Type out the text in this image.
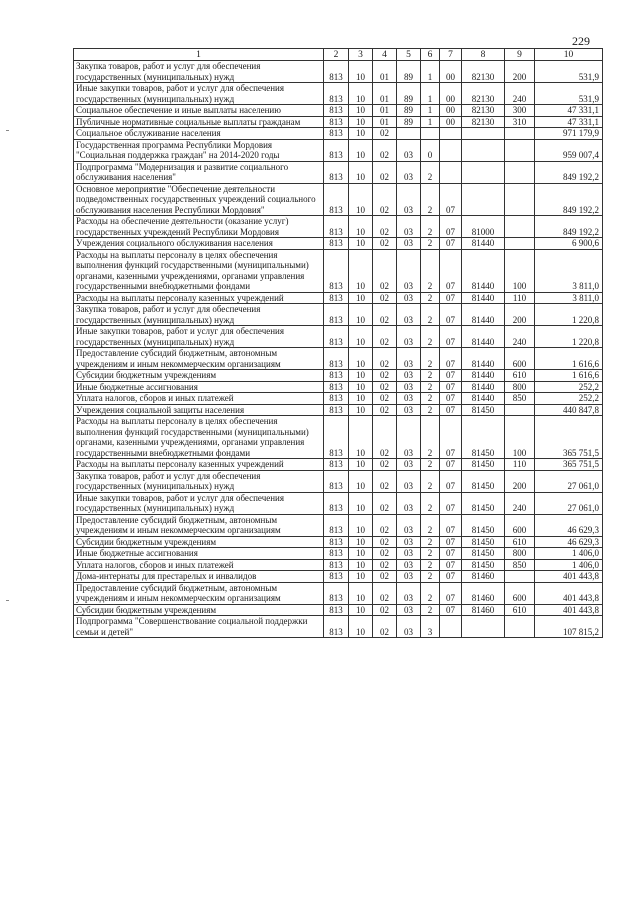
229
1	2	3	4	5	6	7	8	9	10
Закупка товаров, работ и услуг для обеспечения государственных (муниципальных) нужд	813	10	01	89	1	00	82130	200	531,9
Иные закупки товаров, работ и услуг для обеспечения государственных (муниципальных) нужд	813	10	01	89	1	00	82130	240	531,9
Социальное обеспечение и иные выплаты населению	813	10	01	89	1	00	82130	300	47 331,1
Публичные нормативные социальные выплаты гражданам	813	10	01	89	1	00	82130	310	47 331,1
Социальное обслуживание населения	813	10	02						971 179,9
Государственная программа Республики Мордовия "Социальная поддержка граждан" на 2014-2020 годы	813	10	02	03	0				959 007,4
Подпрограмма "Модернизация и развитие социального обслуживания населения"	813	10	02	03	2				849 192,2
Основное мероприятие "Обеспечение деятельности подведомственных государственных учреждений социального обслуживания населения Республики Мордовия"	813	10	02	03	2	07			849 192,2
Расходы на обеспечение деятельности (оказание услуг) государственных учреждений Республики Мордовия	813	10	02	03	2	07	81000		849 192,2
Учреждения социального обслуживания населения	813	10	02	03	2	07	81440		6 900,6
Расходы на выплаты персоналу в целях обеспечения выполнения функций государственными (муниципальными) органами, казенными учреждениями, органами управления государственными внебюджетными фондами	813	10	02	03	2	07	81440	100	3 811,0
Расходы на выплаты персоналу казенных учреждений	813	10	02	03	2	07	81440	110	3 811,0
Закупка товаров, работ и услуг для обеспечения государственных (муниципальных) нужд	813	10	02	03	2	07	81440	200	1 220,8
Иные закупки товаров, работ и услуг для обеспечения государственных (муниципальных) нужд	813	10	02	03	2	07	81440	240	1 220,8
Предоставление субсидий бюджетным, автономным учреждениям и иным некоммерческим организациям	813	10	02	03	2	07	81440	600	1 616,6
Субсидии бюджетным учреждениям	813	10	02	03	2	07	81440	610	1 616,6
Иные бюджетные ассигнования	813	10	02	03	2	07	81440	800	252,2
Уплата налогов, сборов и иных платежей	813	10	02	03	2	07	81440	850	252,2
Учреждения социальной защиты населения	813	10	02	03	2	07	81450		440 847,8
Расходы на выплаты персоналу в целях обеспечения выполнения функций государственными (муниципальными) органами, казенными учреждениями, органами управления государственными внебюджетными фондами	813	10	02	03	2	07	81450	100	365 751,5
Расходы на выплаты персоналу казенных учреждений	813	10	02	03	2	07	81450	110	365 751,5
Закупка товаров, работ и услуг для обеспечения государственных (муниципальных) нужд	813	10	02	03	2	07	81450	200	27 061,0
Иные закупки товаров, работ и услуг для обеспечения государственных (муниципальных) нужд	813	10	02	03	2	07	81450	240	27 061,0
Предоставление субсидий бюджетным, автономным учреждениям и иным некоммерческим организациям	813	10	02	03	2	07	81450	600	46 629,3
Субсидии бюджетным учреждениям	813	10	02	03	2	07	81450	610	46 629,3
Иные бюджетные ассигнования	813	10	02	03	2	07	81450	800	1 406,0
Уплата налогов, сборов и иных платежей	813	10	02	03	2	07	81450	850	1 406,0
Дома-интернаты для престарелых и инвалидов	813	10	02	03	2	07	81460		401 443,8
Предоставление субсидий бюджетным, автономным учреждениям и иным некоммерческим организациям	813	10	02	03	2	07	81460	600	401 443,8
Субсидии бюджетным учреждениям	813	10	02	03	2	07	81460	610	401 443,8
Подпрограмма "Совершенствование социальной поддержки семьи и детей"	813	10	02	03	3				107 815,2
